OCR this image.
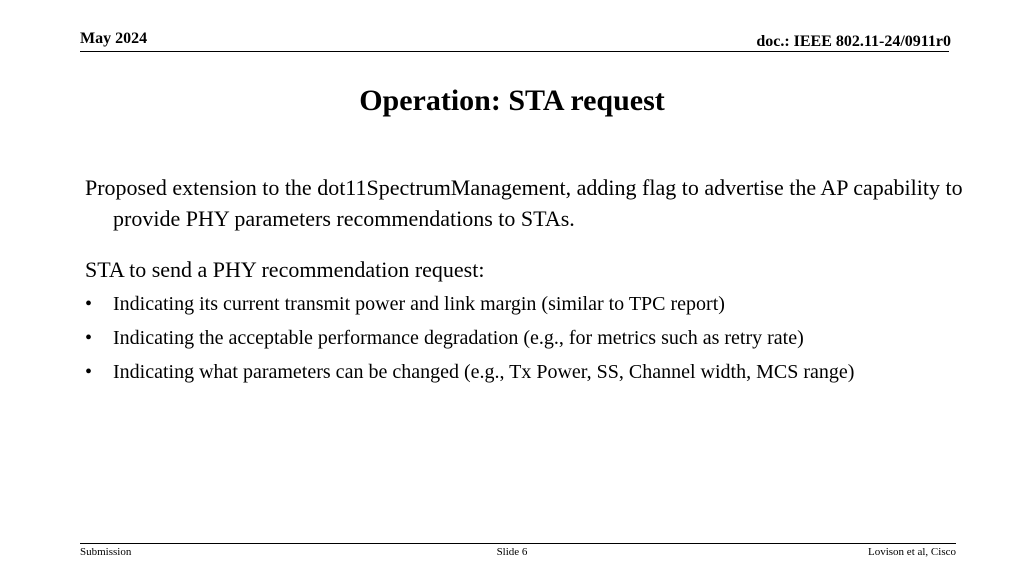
May 2024	doc.: IEEE 802.11-24/0911r0
Operation: STA request

Proposed extension to the dot11SpectrumManagement, adding flag to advertise the AP capability to provide PHY parameters recommendations to STAs.

STA to send a PHY recommendation request:

• Indicating its current transmit power and link margin (similar to TPC report)
• Indicating the acceptable performance degradation (e.g., for metrics such as retry rate)
• Indicating what parameters can be changed (e.g., Tx Power, SS, Channel width, MCS range)
Submission	Slide 6	Lovison et al, Cisco
